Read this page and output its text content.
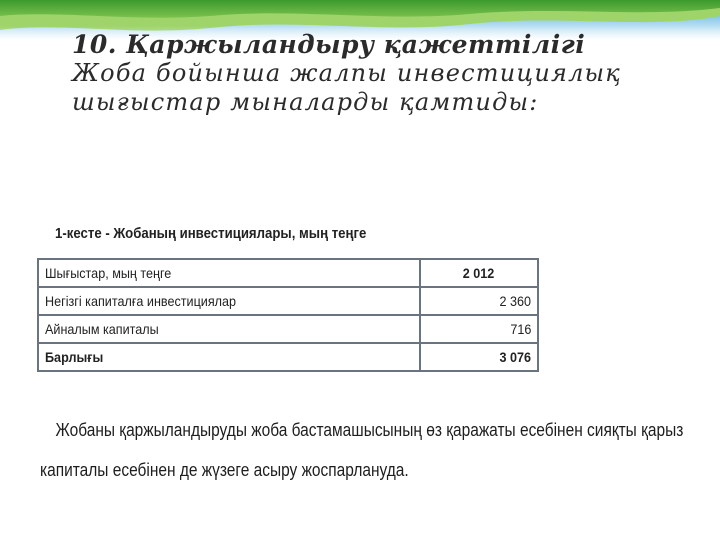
10. Қаржыландыру қажеттілігі
Жоба бойынша жалпы инвестициялық
шығыстар мыналарды қамтиды:
1-кесте - Жобаның инвестициялары, мың теңге
Шығыстар, мың теңге	2 012
Негізгі капиталға инвестициялар	2 360
Айналым капиталы	716
Барлығы	3 076
Жобаны қаржыландыруды жоба бастамашысының өз қаражаты есебінен сияқты қарыз
капиталы есебінен де жүзеге асыру жоспарлануда.
